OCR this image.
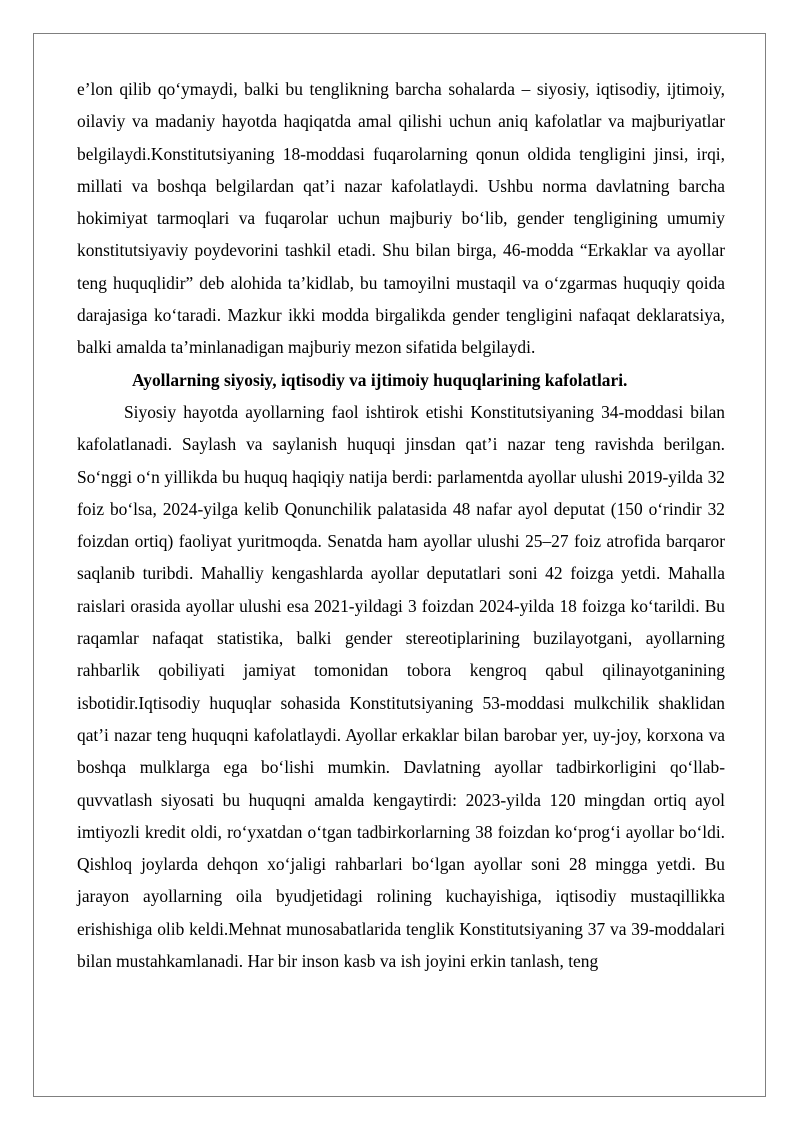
e’lon qilib qo‘ymaydi, balki bu tenglikning barcha sohalarda – siyosiy, iqtisodiy, ijtimoiy, oilaviy va madaniy hayotda haqiqatda amal qilishi uchun aniq kafolatlar va majburiyatlar belgilaydi.Konstitutsiyaning 18-moddasi fuqarolarning qonun oldida tengligini jinsi, irqi, millati va boshqa belgilardan qat’i nazar kafolatlaydi. Ushbu norma davlatning barcha hokimiyat tarmoqlari va fuqarolar uchun majburiy bo‘lib, gender tengligining umumiy konstitutsiyaviy poydevorini tashkil etadi. Shu bilan birga, 46-modda “Erkaklar va ayollar teng huquqlidir” deb alohida ta’kidlab, bu tamoyilni mustaqil va o‘zgarmas huquqiy qoida darajasiga ko‘taradi. Mazkur ikki modda birgalikda gender tengligini nafaqat deklaratsiya, balki amalda ta’minlanadigan majburiy mezon sifatida belgilaydi.

Ayollarning siyosiy, iqtisodiy va ijtimoiy huquqlarining kafolatlari.

Siyosiy hayotda ayollarning faol ishtirok etishi Konstitutsiyaning 34-moddasi bilan kafolatlanadi. Saylash va saylanish huquqi jinsdan qat’i nazar teng ravishda berilgan. So‘nggi o‘n yillikda bu huquq haqiqiy natija berdi: parlamentda ayollar ulushi 2019-yilda 32 foiz bo‘lsa, 2024-yilga kelib Qonunchilik palatasida 48 nafar ayol deputat (150 o‘rindir 32 foizdan ortiq) faoliyat yuritmoqda. Senatda ham ayollar ulushi 25–27 foiz atrofida barqaror saqlanib turibdi. Mahalliy kengashlarda ayollar deputatlari soni 42 foizga yetdi. Mahalla raislari orasida ayollar ulushi esa 2021-yildagi 3 foizdan 2024-yilda 18 foizga ko‘tarildi. Bu raqamlar nafaqat statistika, balki gender stereotiplarining buzilayotgani, ayollarning rahbarlik qobiliyati jamiyat tomonidan tobora kengroq qabul qilinayotganining isbotidir.Iqtisodiy huquqlar sohasida Konstitutsiyaning 53-moddasi mulkchilik shaklidan qat’i nazar teng huquqni kafolatlaydi. Ayollar erkaklar bilan barobar yer, uy-joy, korxona va boshqa mulklarga ega bo‘lishi mumkin. Davlatning ayollar tadbirkorligini qo‘llab-quvvatlash siyosati bu huquqni amalda kengaytirdi: 2023-yilda 120 mingdan ortiq ayol imtiyozli kredit oldi, ro‘yxatdan o‘tgan tadbirkorlarning 38 foizdan ko‘prog‘i ayollar bo‘ldi. Qishloq joylarda dehqon xo‘jaligi rahbarlari bo‘lgan ayollar soni 28 mingga yetdi. Bu jarayon ayollarning oila byudjetidagi rolining kuchayishiga, iqtisodiy mustaqillikka erishishiga olib keldi.Mehnat munosabatlarida tenglik Konstitutsiyaning 37 va 39-moddalari bilan mustahkamlanadi. Har bir inson kasb va ish joyini erkin tanlash, teng
